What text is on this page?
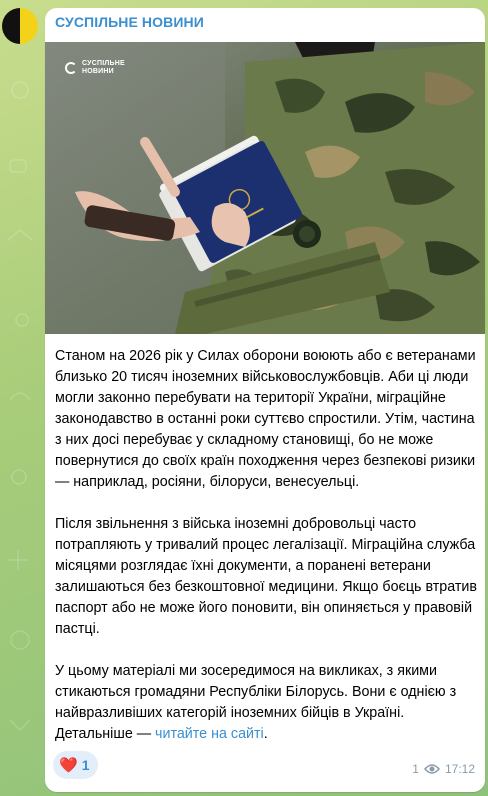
СУСПІЛЬНЕ НОВИНИ
СУСПІЛЬНЕ
НОВИНИ

Станом на 2026 рік у Силах оборони воюють або є ветеранами близько 20 тисяч іноземних військовослужбовців. Аби ці люди могли законно перебувати на території України, міграційне законодавство в останні роки суттєво спростили. Утім, частина з них досі перебуває у складному становищі, бо не може повернутися до своїх країн походження через безпекові ризики — наприклад, росіяни, білоруси, венесуельці.

Після звільнення з війська іноземні добровольці часто потрапляють у тривалий процес легалізації. Міграційна служба місяцями розглядає їхні документи, а поранені ветерани залишаються без безкоштовної медицини. Якщо боєць втратив паспорт або не може його поновити, він опиняється у правовій пастці.

У цьому матеріалі ми зосередимося на викликах, з якими стикаються громадяни Республіки Білорусь. Вони є однією з найвразливіших категорій іноземних бійців в Україні. Детальніше — читайте на сайті.

❤️ 1	1 17:12
